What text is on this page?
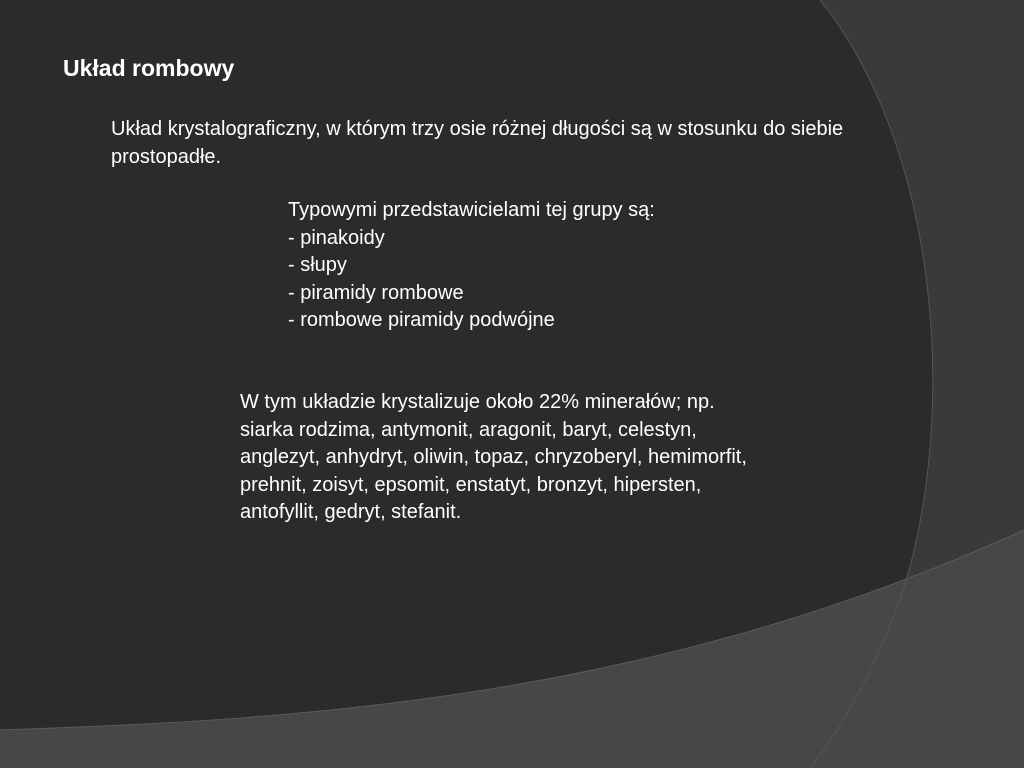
Układ rombowy

Układ krystalograficzny, w którym trzy osie różnej długości są w stosunku do siebie prostopadłe.

Typowymi przedstawicielami tej grupy są:
- pinakoidy
- słupy
- piramidy rombowe
- rombowe piramidy podwójne
W tym układzie krystalizuje około 22% minerałów; np.
siarka rodzima, antymonit, aragonit, baryt, celestyn,
anglezyt, anhydryt, oliwin, topaz, chryzoberyl, hemimorfit,
prehnit, zoisyt, epsomit, enstatyt, bronzyt, hipersten,
antofyllit, gedryt, stefanit.
